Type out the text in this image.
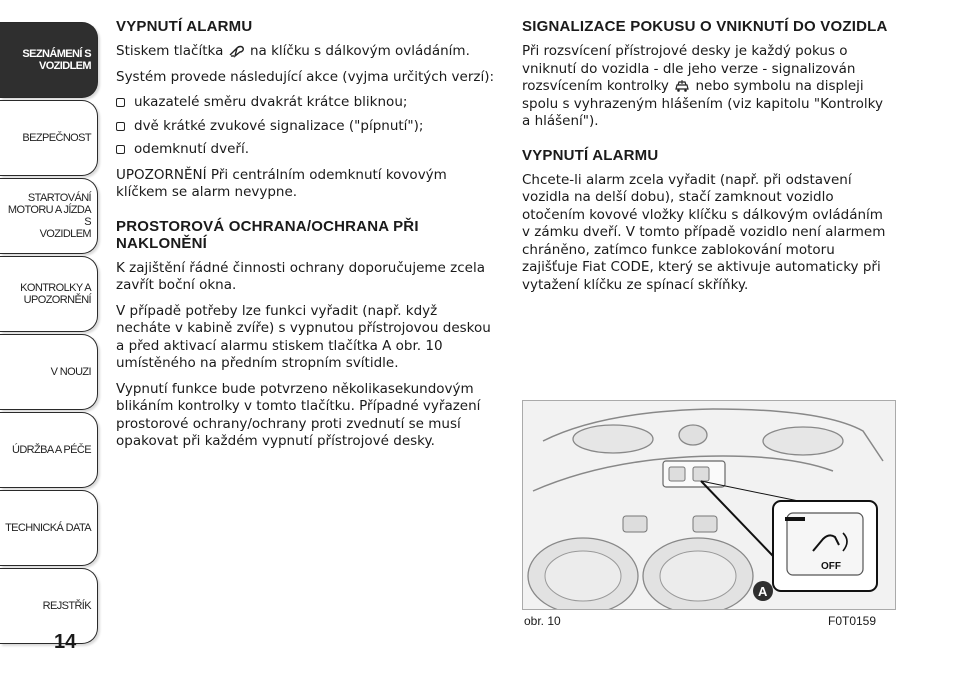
SEZNÁMENÍ S
VOZIDLEM
BEZPEČNOST
STARTOVÁNÍ
MOTORU A JÍZDA S
VOZIDLEM
KONTROLKY A
UPOZORNĚNÍ
V NOUZI
ÚDRŽBA A PÉČE
TECHNICKÁ DATA
REJSTŘÍK
14
VYPNUTÍ ALARMU

Stiskem tlačítka na klíčku s dálkovým ovládáním.

Systém provede následující akce (vyjma určitých verzí):

ukazatelé směru dvakrát krátce bliknou;
dvě krátké zvukové signalizace ("pípnutí");
odemknutí dveří.

UPOZORNĚNÍ Při centrálním odemknutí kovovým klíčkem se alarm nevypne.

PROSTOROVÁ OCHRANA/OCHRANA PŘI NAKLONĚNÍ

K zajištění řádné činnosti ochrany doporučujeme zcela zavřít boční okna.

V případě potřeby lze funkci vyřadit (např. když necháte v kabině zvíře) s vypnutou přístrojovou deskou a před aktivací alarmu stiskem tlačítka A obr. 10 umístěného na předním stropním svítidle.

Vypnutí funkce bude potvrzeno několikasekundovým blikáním kontrolky v tomto tlačítku. Případné vyřazení prostorové ochrany/ochrany proti zvednutí se musí opakovat při každém vypnutí přístrojové desky.

SIGNALIZACE POKUSU O VNIKNUTÍ DO VOZIDLA

Při rozsvícení přístrojové desky je každý pokus o vniknutí do vozidla - dle jeho verze - signalizován rozsvícením kontrolky nebo symbolu na displeji spolu s vyhrazeným hlášením (viz kapitolu "Kontrolky a hlášení").

VYPNUTÍ ALARMU

Chcete-li alarm zcela vyřadit (např. při odstavení vozidla na delší dobu), stačí zamknout vozidlo otočením kovové vložky klíčku s dálkovým ovládáním v zámku dveří. V tomto případě vozidlo není alarmem chráněno, zatímco funkce zablokování motoru zajišťuje Fiat CODE, který se aktivuje automaticky při vytažení klíčku ze spínací skříňky.

OFF
A
obr. 10	F0T0159
